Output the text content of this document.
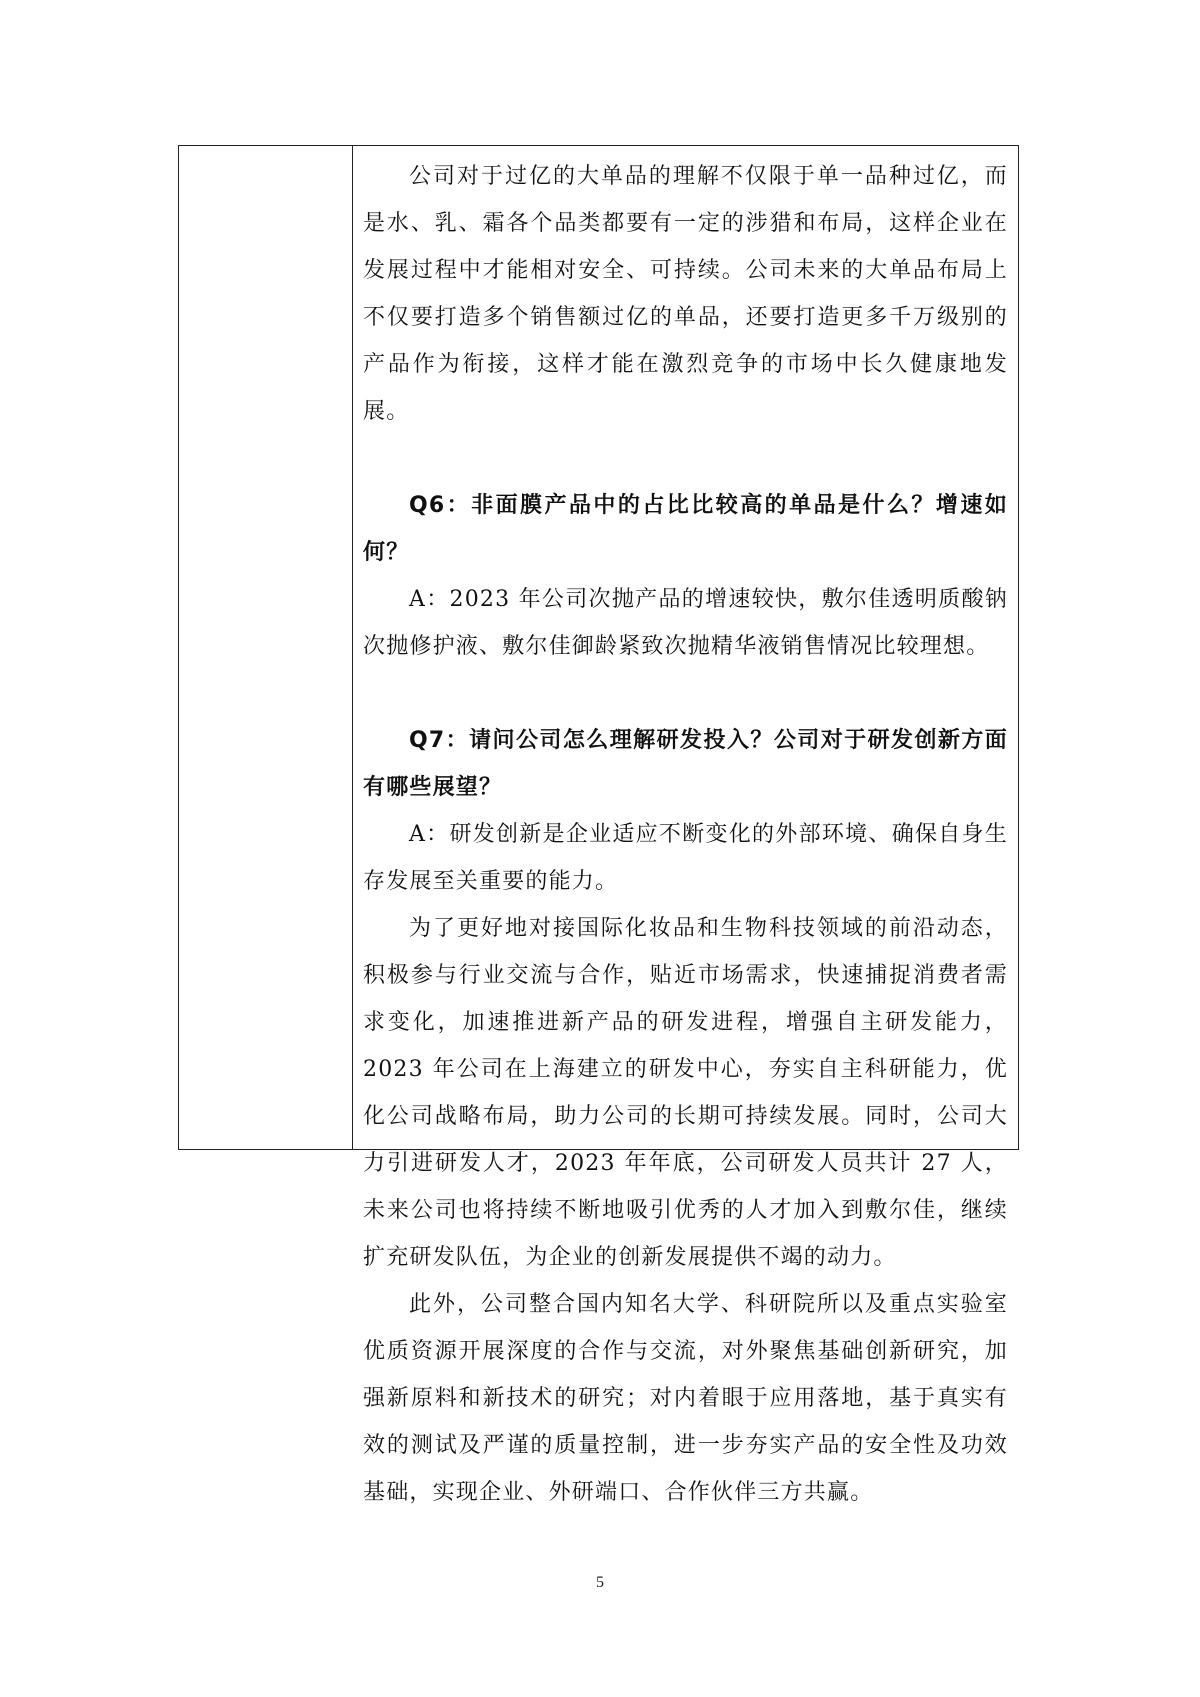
公司对于过亿的大单品的理解不仅限于单一品种过亿，而是水、乳、霜各个品类都要有一定的涉猎和布局，这样企业在发展过程中才能相对安全、可持续。公司未来的大单品布局上不仅要打造多个销售额过亿的单品，还要打造更多千万级别的产品作为衔接，这样才能在激烈竞争的市场中长久健康地发展。

Q6：非面膜产品中的占比比较高的单品是什么？增速如何？

A：2023 年公司次抛产品的增速较快，敷尔佳透明质酸钠次抛修护液、敷尔佳御龄紧致次抛精华液销售情况比较理想。

Q7：请问公司怎么理解研发投入？公司对于研发创新方面有哪些展望？

A：研发创新是企业适应不断变化的外部环境、确保自身生存发展至关重要的能力。

为了更好地对接国际化妆品和生物科技领域的前沿动态，积极参与行业交流与合作，贴近市场需求，快速捕捉消费者需求变化，加速推进新产品的研发进程，增强自主研发能力，2023 年公司在上海建立的研发中心，夯实自主科研能力，优化公司战略布局，助力公司的长期可持续发展。同时，公司大力引进研发人才，2023 年年底，公司研发人员共计 27 人，未来公司也将持续不断地吸引优秀的人才加入到敷尔佳，继续扩充研发队伍，为企业的创新发展提供不竭的动力。

此外，公司整合国内知名大学、科研院所以及重点实验室优质资源开展深度的合作与交流，对外聚焦基础创新研究，加强新原料和新技术的研究；对内着眼于应用落地，基于真实有效的测试及严谨的质量控制，进一步夯实产品的安全性及功效基础，实现企业、外研端口、合作伙伴三方共赢。

5
